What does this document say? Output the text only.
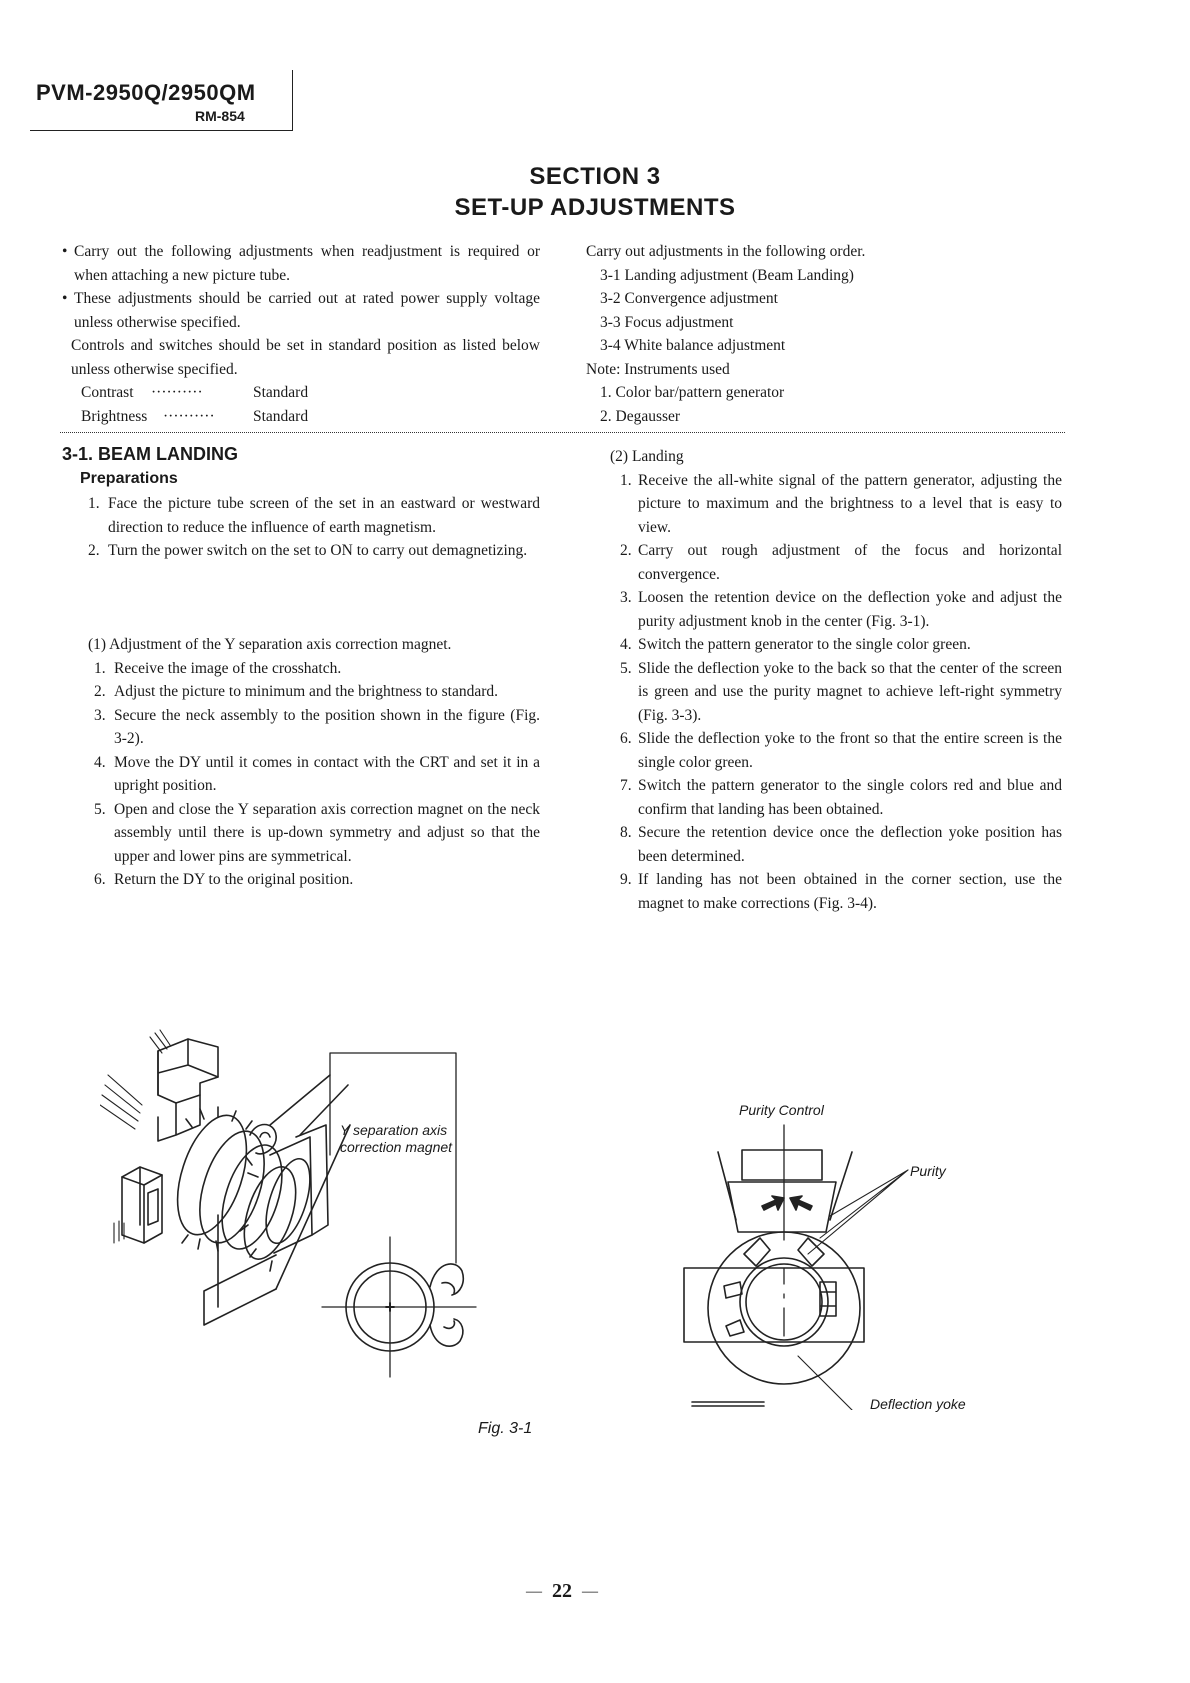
PVM-2950Q/2950QM
RM-854
SECTION 3
SET-UP ADJUSTMENTS
• Carry out the following adjustments when readjustment is required or when attaching a new picture tube.
• These adjustments should be carried out at rated power supply voltage unless otherwise specified.
Controls and switches should be set in standard position as listed below unless otherwise specified.
Contrast	··········	Standard
Brightness	··········	Standard
Carry out adjustments in the following order.
3-1 Landing adjustment (Beam Landing)
3-2 Convergence adjustment
3-3 Focus adjustment
3-4 White balance adjustment
Note: Instruments used
1. Color bar/pattern generator
2. Degausser
3-1. BEAM LANDING
Preparations
1. Face the picture tube screen of the set in an eastward or westward direction to reduce the influence of earth magnetism.
2. Turn the power switch on the set to ON to carry out demagnetizing.
(1) Adjustment of the Y separation axis correction magnet.
1. Receive the image of the crosshatch.
2. Adjust the picture to minimum and the brightness to standard.
3. Secure the neck assembly to the position shown in the figure (Fig. 3-2).
4. Move the DY until it comes in contact with the CRT and set it in a upright position.
5. Open and close the Y separation axis correction magnet on the neck assembly until there is up-down symmetry and adjust so that the upper and lower pins are symmetrical.
6. Return the DY to the original position.
(2) Landing
1. Receive the all-white signal of the pattern generator, adjusting the picture to maximum and the brightness to a level that is easy to view.
2. Carry out rough adjustment of the focus and horizontal convergence.
3. Loosen the retention device on the deflection yoke and adjust the purity adjustment knob in the center (Fig. 3-1).
4. Switch the pattern generator to the single color green.
5. Slide the deflection yoke to the back so that the center of the screen is green and use the purity magnet to achieve left-right symmetry (Fig. 3-3).
6. Slide the deflection yoke to the front so that the entire screen is the single color green.
7. Switch the pattern generator to the single colors red and blue and confirm that landing has been obtained.
8. Secure the retention device once the deflection yoke position has been determined.
9. If landing has not been obtained in the corner section, use the magnet to make corrections (Fig. 3-4).
Y separation axis
correction magnet
Purity Control
Purity
Deflection yoke
Fig. 3-1
— 22 —
